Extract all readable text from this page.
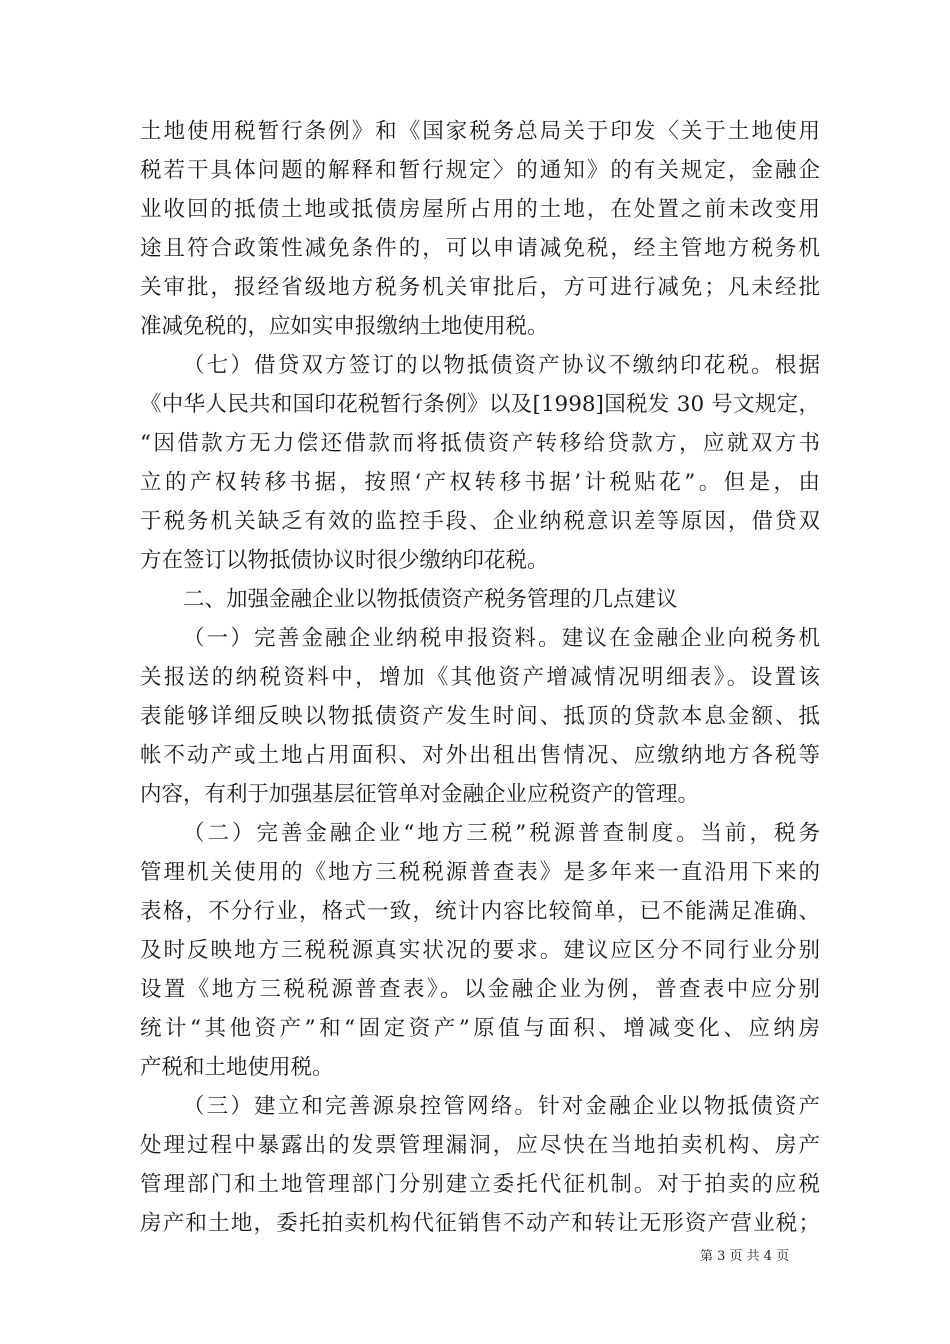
土地使用税暂行条例》和《国家税务总局关于印发〈关于土地使用
税若干具体问题的解释和暂行规定〉的通知》的有关规定，金融企
业收回的抵债土地或抵债房屋所占用的土地，在处置之前未改变用
途且符合政策性减免条件的，可以申请减免税，经主管地方税务机
关审批，报经省级地方税务机关审批后，方可进行减免；凡未经批
准减免税的，应如实申报缴纳土地使用税。
（七）借贷双方签订的以物抵债资产协议不缴纳印花税。根据
《中华人民共和国印花税暂行条例》以及[1998]国税发 30 号文规定，
“因借款方无力偿还借款而将抵债资产转移给贷款方，应就双方书
立的产权转移书据，按照‘产权转移书据’计税贴花”。但是，由
于税务机关缺乏有效的监控手段、企业纳税意识差等原因，借贷双
方在签订以物抵债协议时很少缴纳印花税。
二、加强金融企业以物抵债资产税务管理的几点建议
（一）完善金融企业纳税申报资料。建议在金融企业向税务机
关报送的纳税资料中，增加《其他资产增减情况明细表》。设置该
表能够详细反映以物抵债资产发生时间、抵顶的贷款本息金额、抵
帐不动产或土地占用面积、对外出租出售情况、应缴纳地方各税等
内容，有利于加强基层征管单对金融企业应税资产的管理。
（二）完善金融企业“地方三税”税源普查制度。当前，税务
管理机关使用的《地方三税税源普查表》是多年来一直沿用下来的
表格，不分行业，格式一致，统计内容比较简单，已不能满足准确、
及时反映地方三税税源真实状况的要求。建议应区分不同行业分别
设置《地方三税税源普查表》。以金融企业为例，普查表中应分别
统计“其他资产”和“固定资产”原值与面积、增减变化、应纳房
产税和土地使用税。
（三）建立和完善源泉控管网络。针对金融企业以物抵债资产
处理过程中暴露出的发票管理漏洞，应尽快在当地拍卖机构、房产
管理部门和土地管理部门分别建立委托代征机制。对于拍卖的应税
房产和土地，委托拍卖机构代征销售不动产和转让无形资产营业税；
第 3 页 共 4 页
